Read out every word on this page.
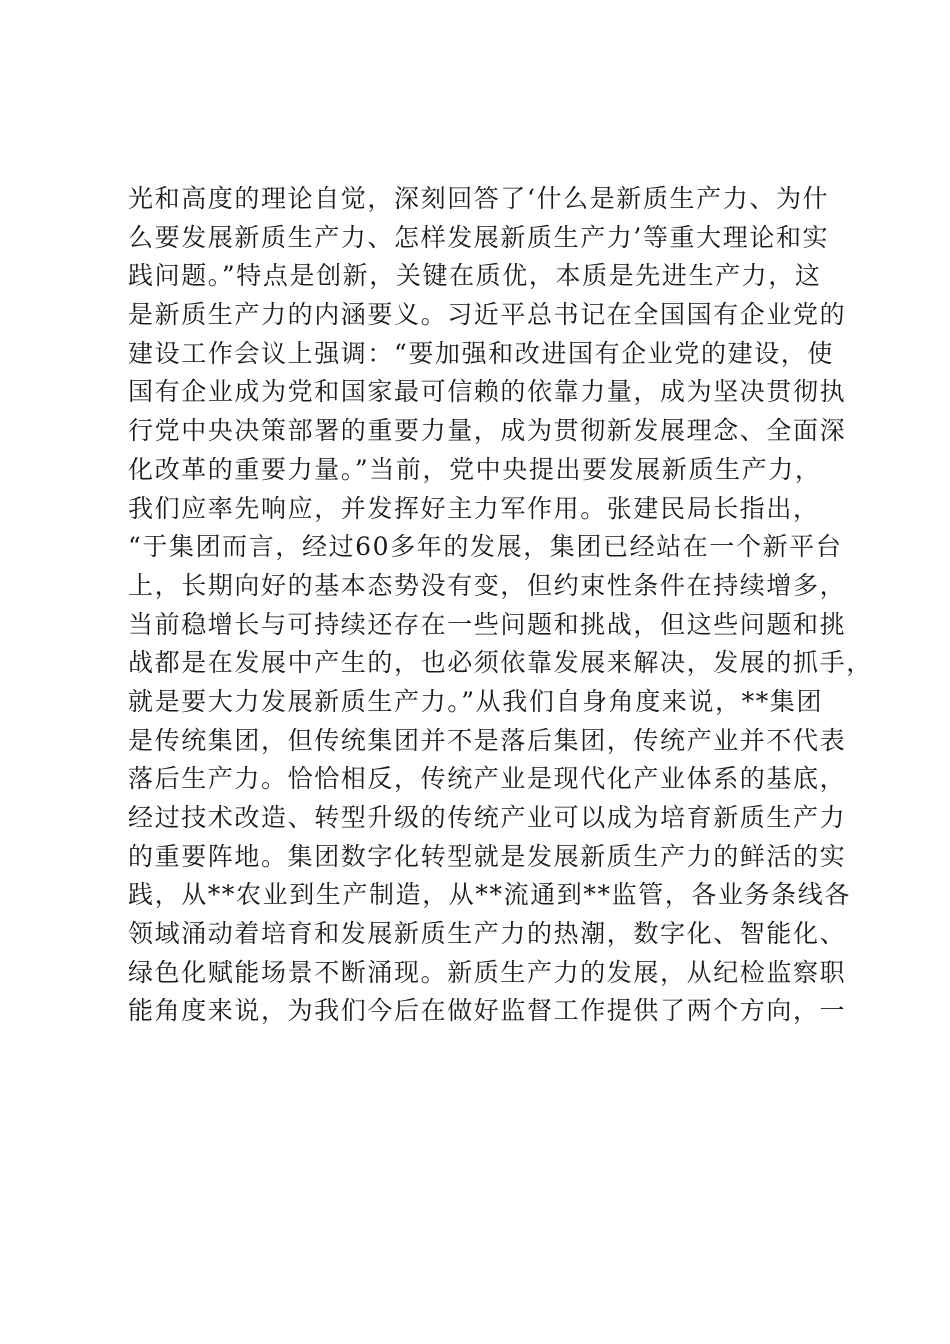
光和高度的理论自觉，深刻回答了‘什么是新质生产力、为什
么要发展新质生产力、怎样发展新质生产力’等重大理论和实
践问题。”特点是创新，关键在质优，本质是先进生产力，这
是新质生产力的内涵要义。习近平总书记在全国国有企业党的
建设工作会议上强调：“要加强和改进国有企业党的建设，使
国有企业成为党和国家最可信赖的依靠力量，成为坚决贯彻执
行党中央决策部署的重要力量，成为贯彻新发展理念、全面深
化改革的重要力量。”当前，党中央提出要发展新质生产力，
我们应率先响应，并发挥好主力军作用。张建民局长指出，
“于集团而言，经过60多年的发展，集团已经站在一个新平台
上，长期向好的基本态势没有变，但约束性条件在持续增多，
当前稳增长与可持续还存在一些问题和挑战，但这些问题和挑
战都是在发展中产生的，也必须依靠发展来解决，发展的抓手，
就是要大力发展新质生产力。”从我们自身角度来说，**集团
是传统集团，但传统集团并不是落后集团，传统产业并不代表
落后生产力。恰恰相反，传统产业是现代化产业体系的基底，
经过技术改造、转型升级的传统产业可以成为培育新质生产力
的重要阵地。集团数字化转型就是发展新质生产力的鲜活的实
践，从**农业到生产制造，从**流通到**监管，各业务条线各
领域涌动着培育和发展新质生产力的热潮，数字化、智能化、
绿色化赋能场景不断涌现。新质生产力的发展，从纪检监察职
能角度来说，为我们今后在做好监督工作提供了两个方向，一
